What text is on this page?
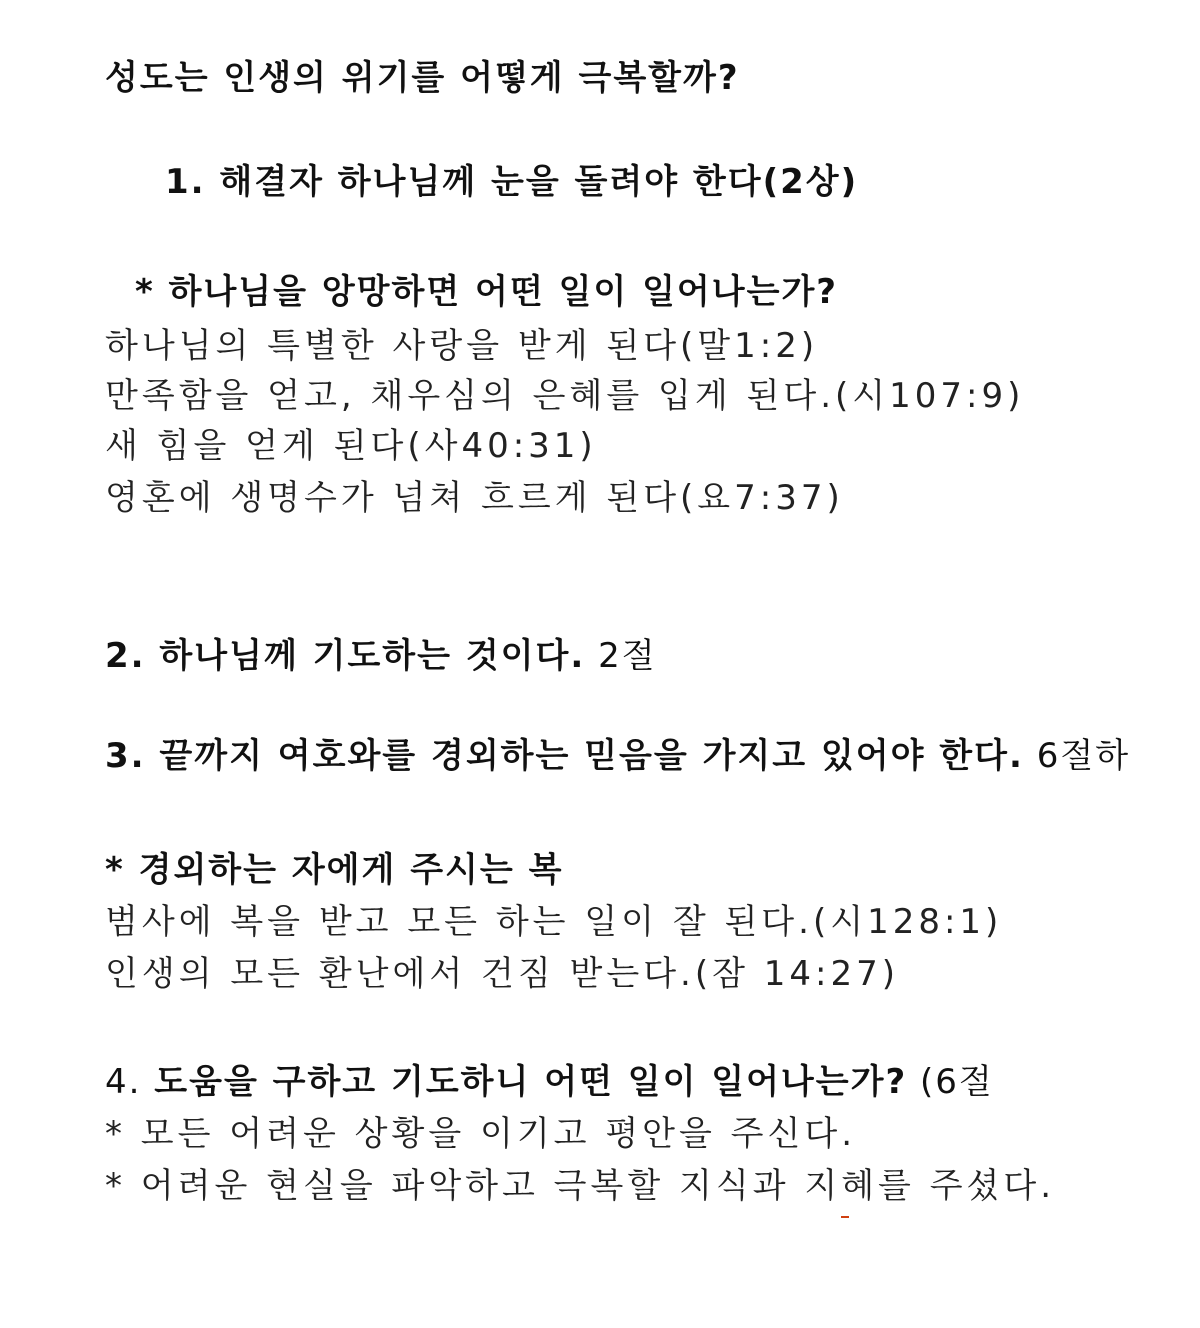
성도는 인생의 위기를 어떻게 극복할까?
1. 해결자 하나님께 눈을 돌려야 한다(2상)
* 하나님을 앙망하면 어떤 일이 일어나는가?
하나님의 특별한 사랑을 받게 된다(말1:2)
만족함을 얻고, 채우심의 은혜를 입게 된다.(시107:9)
새 힘을 얻게 된다(사40:31)
영혼에 생명수가 넘쳐 흐르게 된다(요7:37)
2. 하나님께 기도하는 것이다. 2절
3. 끝까지 여호와를 경외하는 믿음을 가지고 있어야 한다. 6절하
* 경외하는 자에게 주시는 복
범사에 복을 받고 모든 하는 일이 잘 된다.(시128:1)
인생의 모든 환난에서 건짐 받는다.(잠 14:27)
4. 도움을 구하고 기도하니 어떤 일이 일어나는가? (6절
* 모든 어려운 상황을 이기고 평안을 주신다.
* 어려운 현실을 파악하고 극복할 지식과 지혜를 주셨다.
